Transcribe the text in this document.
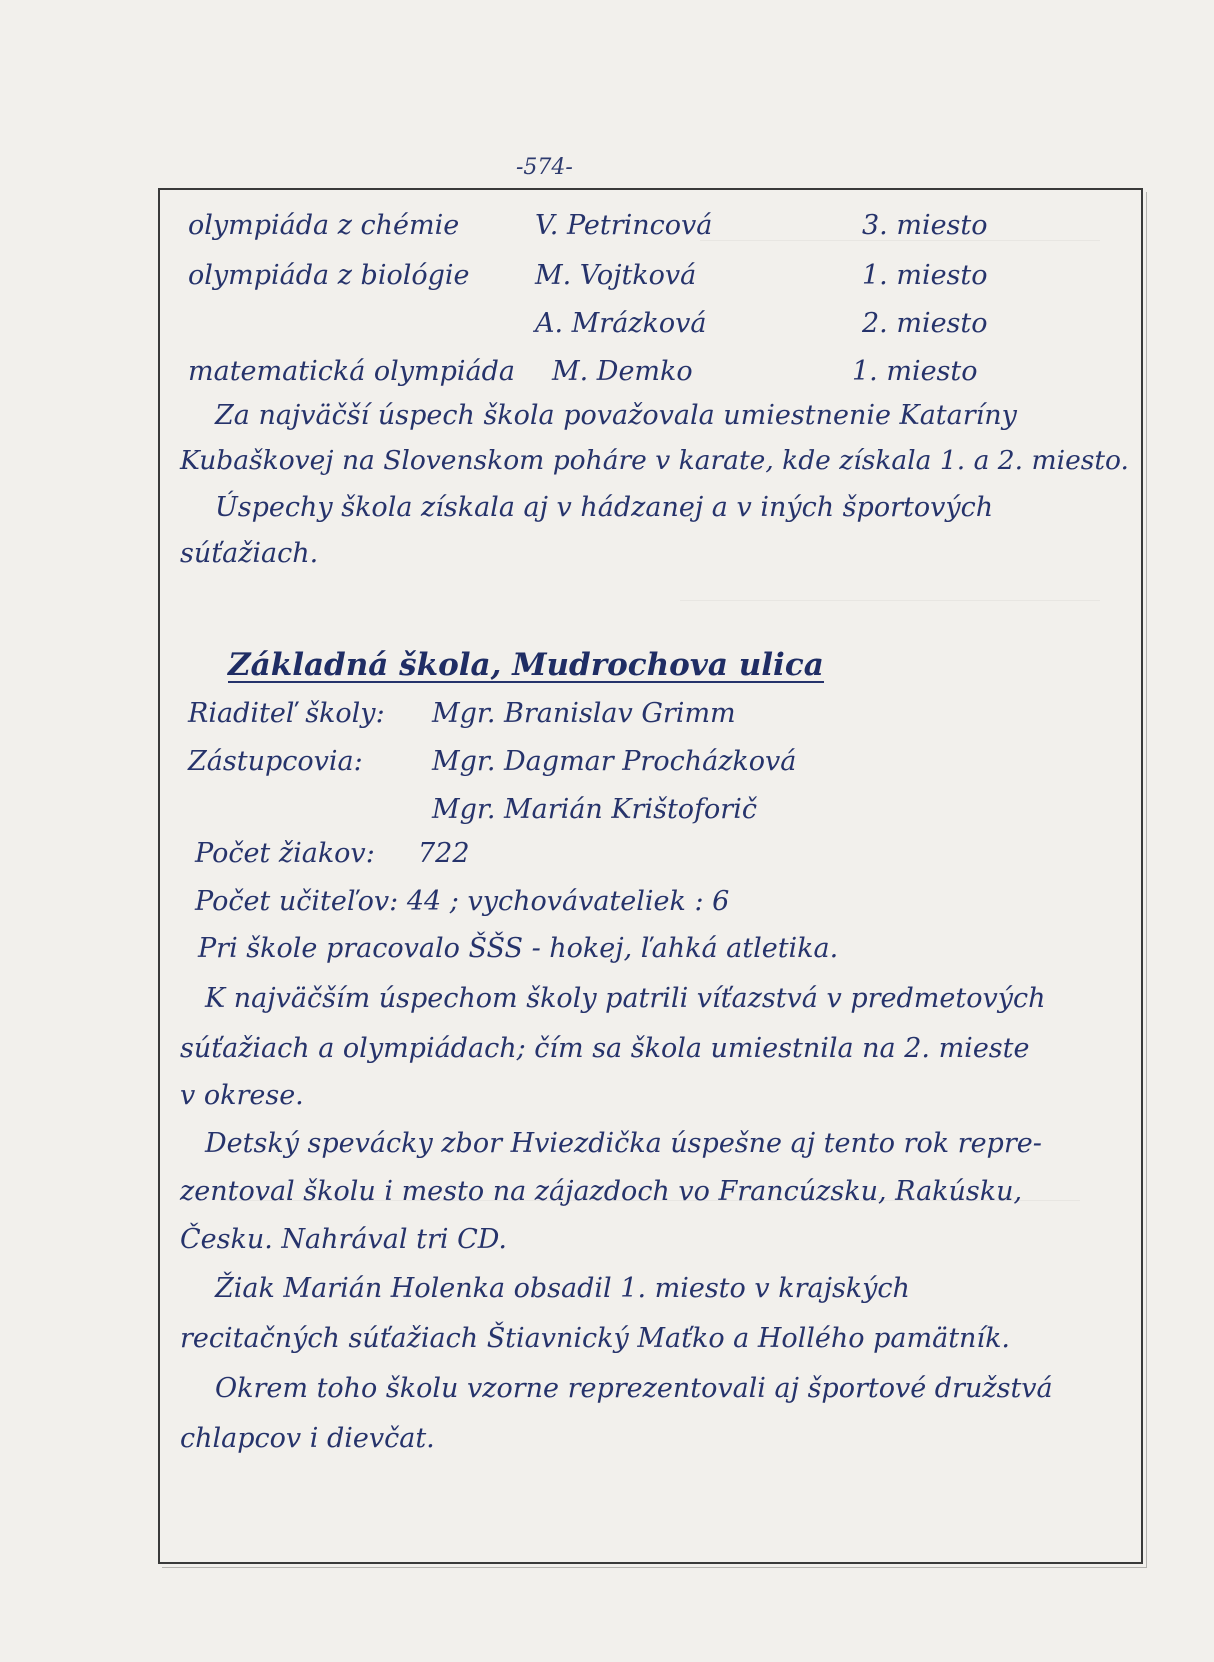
-574-
olympiáda z chémie	V. Petrincová	3. miesto
olympiáda z biológie M. Vojtková	1. miesto
A. Mrázková	2. miesto
matematická olympiáda M. Demko	1. miesto
Za najväčší úspech škola považovala umiestnenie Kataríny
Kubaškovej na Slovenskom poháre v karate, kde získala 1. a 2. miesto.
Úspechy škola získala aj v hádzanej a v iných športových
súťažiach.
Základná škola, Mudrochova ulica
Riaditeľ školy: Mgr. Branislav Grimm
Zástupcovia:	Mgr. Dagmar Procházková
Mgr. Marián Krištoforič
Počet žiakov: 722
Počet učiteľov: 44 ; vychovávateliek : 6
Pri škole pracovalo ŠŠS - hokej, ľahká atletika.
K najväčším úspechom školy patrili víťazstvá v predmetových
súťažiach a olympiádach; čím sa škola umiestnila na 2. mieste
v okrese.
Detský spevácky zbor Hviezdička úspešne aj tento rok repre-
zentoval školu i mesto na zájazdoch vo Francúzsku, Rakúsku,
Česku. Nahrával tri CD.
Žiak Marián Holenka obsadil 1. miesto v krajských
recitačných súťažiach Štiavnický Maťko a Hollého pamätník.
Okrem toho školu vzorne reprezentovali aj športové družstvá
chlapcov i dievčat.
